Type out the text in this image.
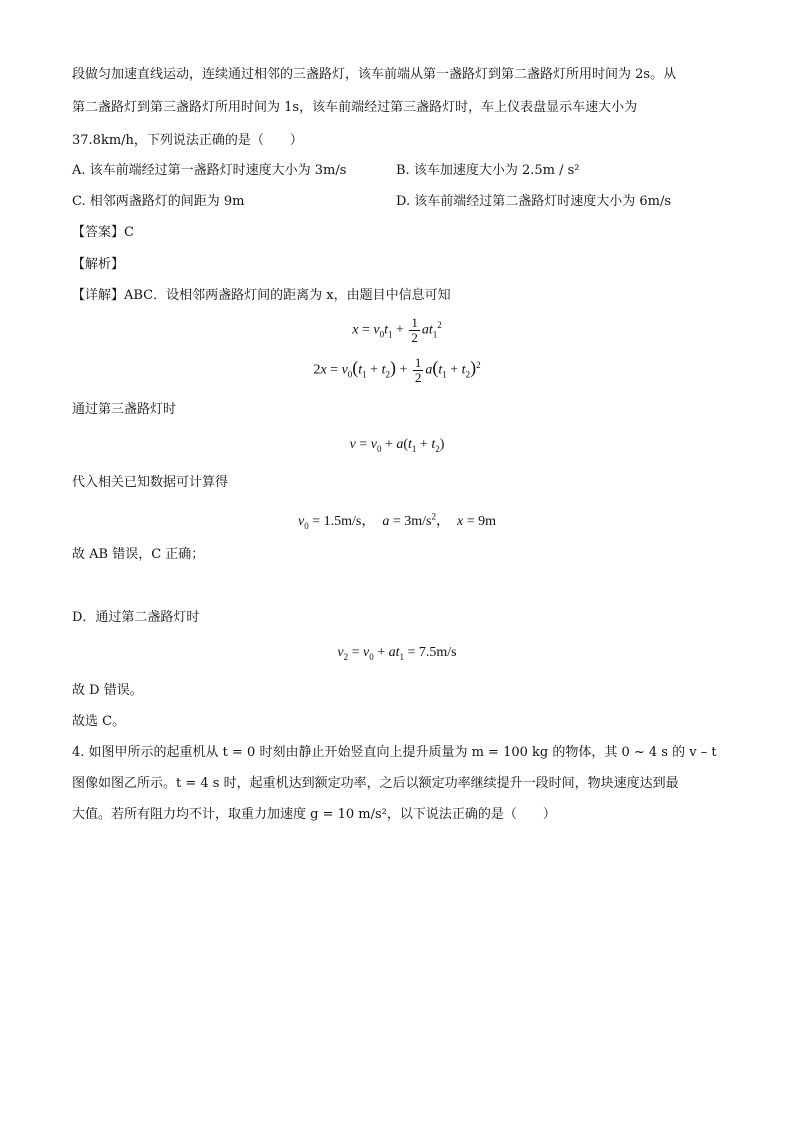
段做匀加速直线运动，连续通过相邻的三盏路灯，该车前端从第一盏路灯到第二盏路灯所用时间为 2s。从
第二盏路灯到第三盏路灯所用时间为 1s，该车前端经过第三盏路灯时，车上仪表盘显示车速大小为
37.8km/h，下列说法正确的是（　　）
A. 该车前端经过第一盏路灯时速度大小为 3m/s	B. 该车加速度大小为 2.5m / s²
C. 相邻两盏路灯的间距为 9m	D. 该车前端经过第二盏路灯时速度大小为 6m/s
【答案】C
【解析】
【详解】ABC．设相邻两盏路灯间的距离为 x，由题目中信息可知
$x = v_0t_1 + \frac{1}{2} at_1^2$
$2x = v_0(t_1 + t_2) + \frac{1}{2} a(t_1 + t_2)^2$
通过第三盏路灯时
$v = v_0 + a(t_1 + t_2)$
代入相关已知数据可计算得
$v_0 = 1.5m/s$，  $a = 3m/s^2$，  x = 9m
故 AB 错误，C 正确；
D．通过第二盏路灯时
$v_2 = v_0 + at_1 = 7.5m/s$
故 D 错误。
故选 C。
4. 如图甲所示的起重机从 t = 0 时刻由静止开始竖直向上提升质量为 m = 100 kg 的物体，其 0 ~ 4 s 的 v – t
图像如图乙所示。t = 4 s 时，起重机达到额定功率，之后以额定功率继续提升一段时间，物块速度达到最
大值。若所有阻力均不计，取重力加速度 g = 10 m/s²，以下说法正确的是（　　）
